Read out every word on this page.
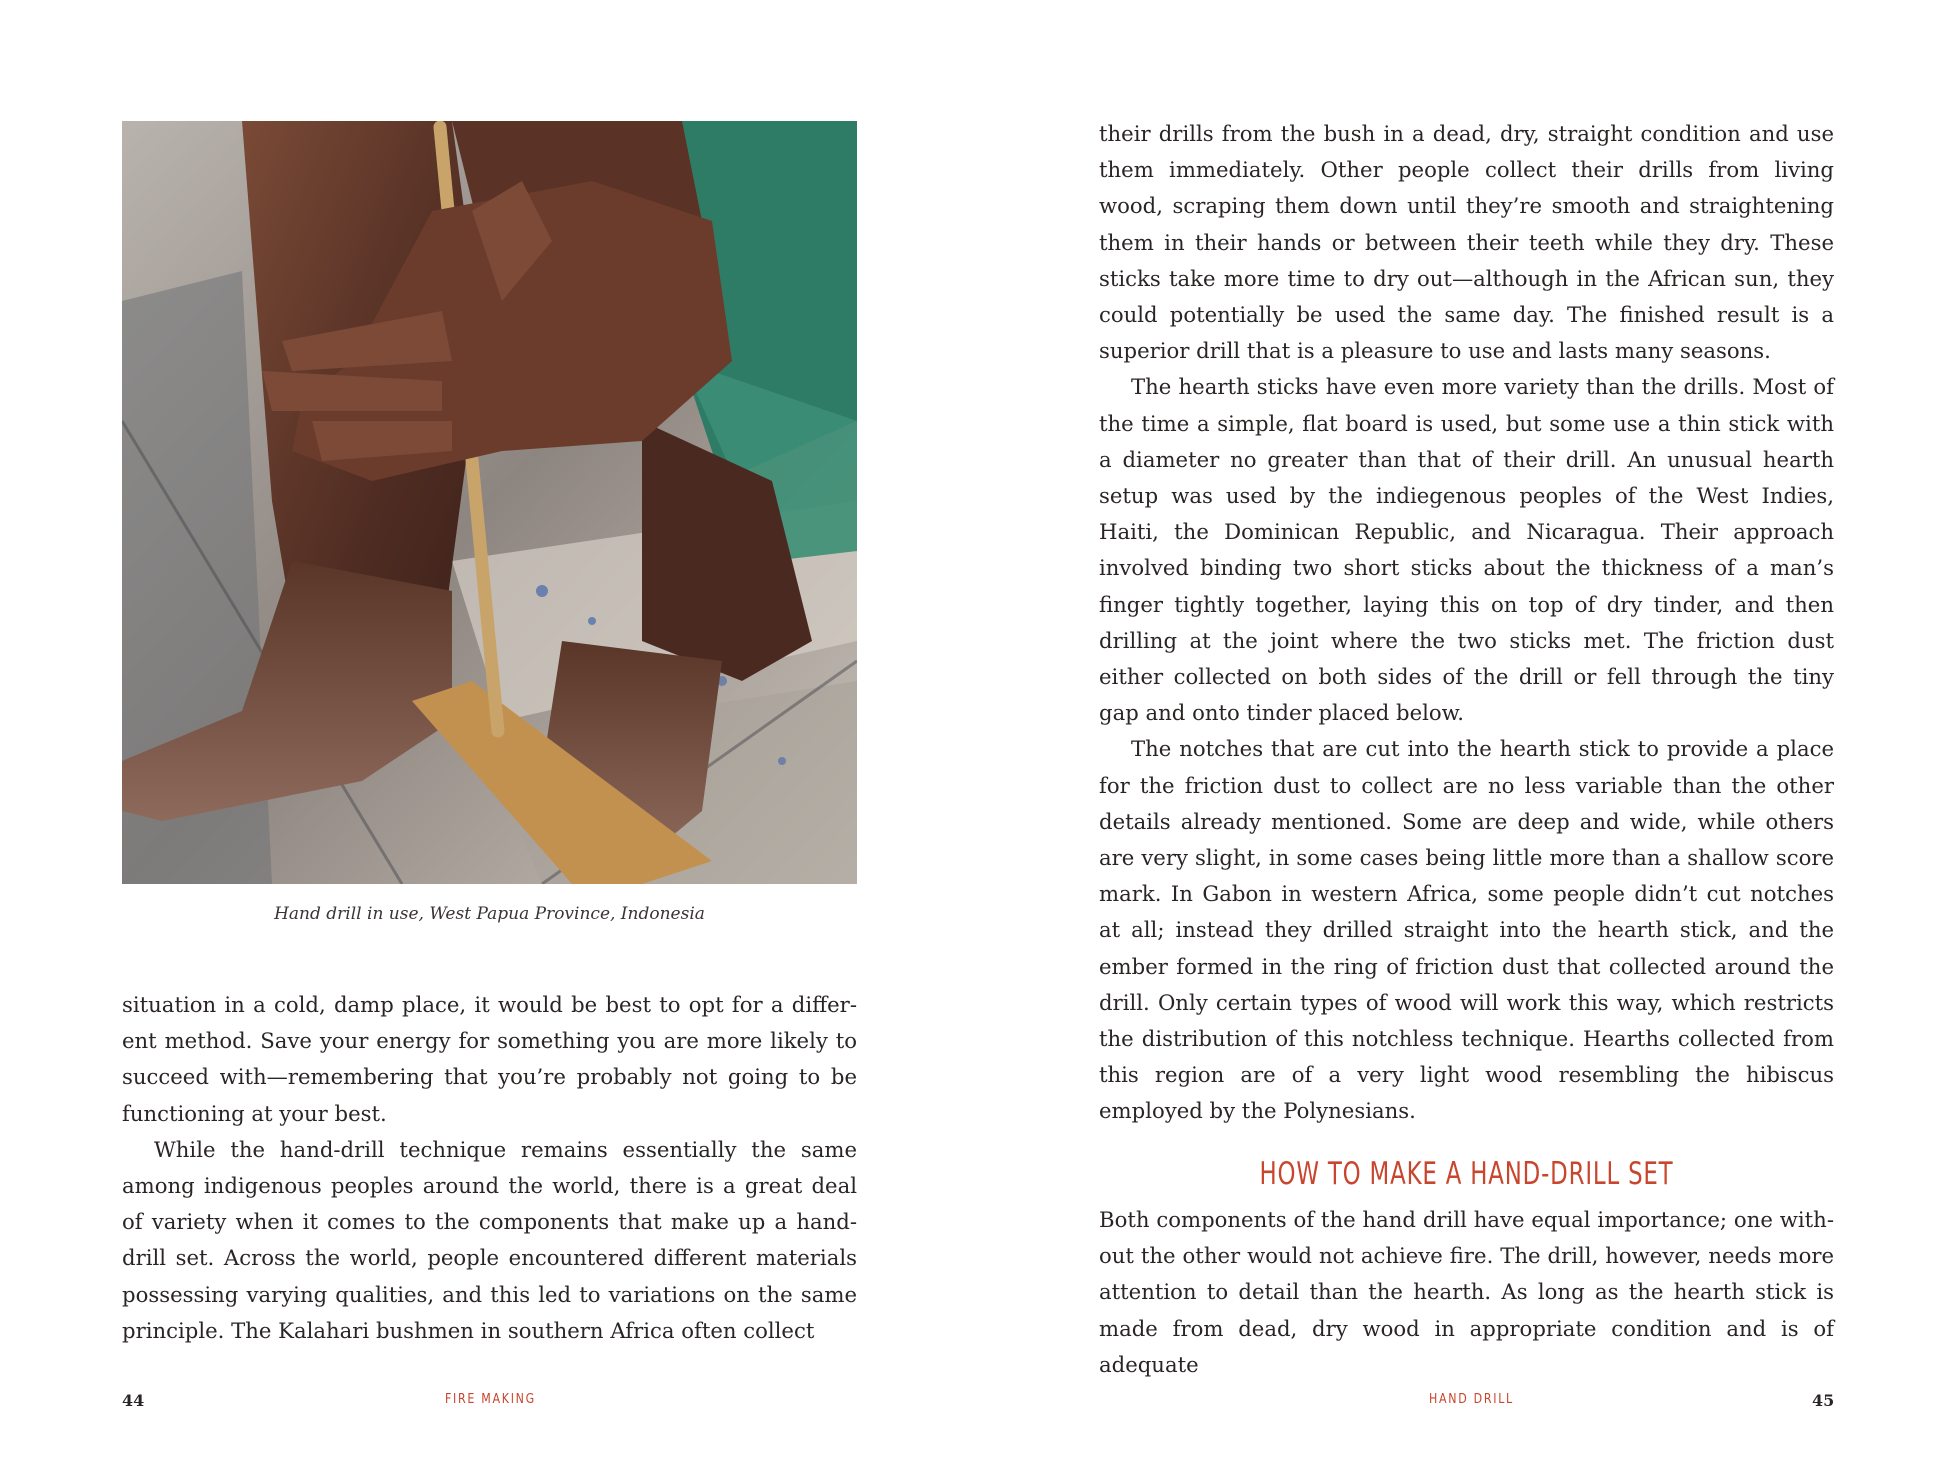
Hand drill in use, West Papua Province, Indonesia

situation in a cold, damp place, it would be best to opt for a different method. Save your energy for something you are more likely to succeed with—remembering that you’re probably not going to be functioning at your best.

While the hand-drill technique remains essentially the same among indigenous peoples around the world, there is a great deal of variety when it comes to the components that make up a hand-drill set. Across the world, people encountered different materials possessing varying qualities, and this led to variations on the same principle. The Kalahari bushmen in southern Africa often collect

44	FIRE MAKING

their drills from the bush in a dead, dry, straight condition and use them immediately. Other people collect their drills from living wood, scraping them down until they’re smooth and straightening them in their hands or between their teeth while they dry. These sticks take more time to dry out—although in the African sun, they could potentially be used the same day. The finished result is a superior drill that is a pleasure to use and lasts many seasons.

The hearth sticks have even more variety than the drills. Most of the time a simple, flat board is used, but some use a thin stick with a diameter no greater than that of their drill. An unusual hearth setup was used by the indiegenous peoples of the West Indies, Haiti, the Dominican Republic, and Nicaragua. Their approach involved binding two short sticks about the thickness of a man’s finger tightly together, laying this on top of dry tinder, and then drilling at the joint where the two sticks met. The friction dust either collected on both sides of the drill or fell through the tiny gap and onto tinder placed below.

The notches that are cut into the hearth stick to provide a place for the friction dust to collect are no less variable than the other details already mentioned. Some are deep and wide, while others are very slight, in some cases being little more than a shallow score mark. In Gabon in western Africa, some people didn’t cut notches at all; instead they drilled straight into the hearth stick, and the ember formed in the ring of friction dust that collected around the drill. Only certain types of wood will work this way, which restricts the distribution of this notchless technique. Hearths collected from this region are of a very light wood resembling the hibiscus employed by the Polynesians.

HOW TO MAKE A HAND-DRILL SET

Both components of the hand drill have equal importance; one without the other would not achieve fire. The drill, however, needs more attention to detail than the hearth. As long as the hearth stick is made from dead, dry wood in appropriate condition and is of adequate

HAND DRILL	45
